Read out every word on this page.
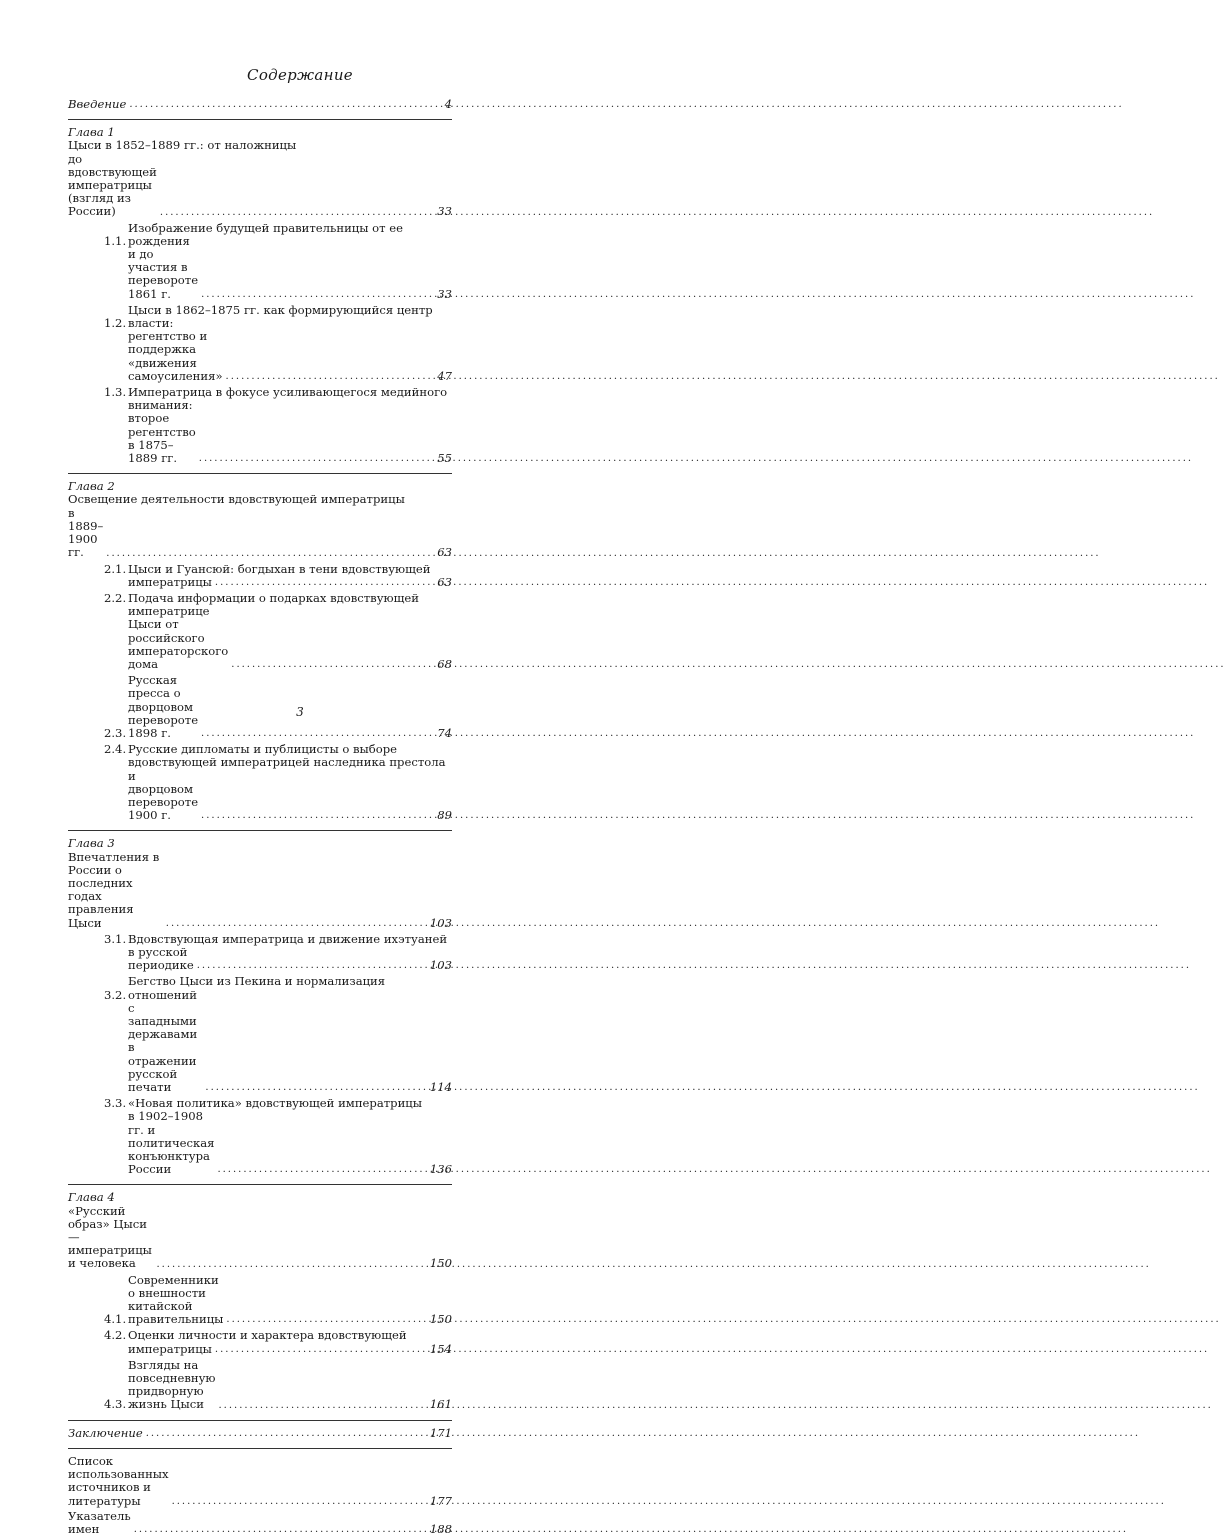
Содержание
Введение .....	4
Глава 1
Цыси в 1852–1889 гг.: от наложницы
до вдовствующей императрицы (взгляд из России) .....	33
1.1.
Изображение будущей правительницы от ее рождения
и до участия в перевороте 1861 г. .....	33
1.2.
Цыси в 1862–1875 гг. как формирующийся центр власти:
регентство и поддержка «движения самоусиления» .....	47
1.3. Императрица в фокусе усиливающегося медийного
внимания: второе регентство в 1875–1889 гг. .....	55
Глава 2
Освещение деятельности вдовствующей императрицы
в 1889–1900 гг. .....	63
2.1. Цыси и Гуансюй: богдыхан в тени вдовствующей
императрицы .....	63
2.2. Подача информации о подарках вдовствующей
императрице Цыси от российского императорского дома .....	68
2.3.
Русская пресса о дворцовом перевороте 1898 г. .....	74
2.4. Русские дипломаты и публицисты о выборе
вдовствующей императрицей наследника престола
и дворцовом перевороте 1900 г. .....	89
Глава 3
Впечатления в России о последних годах правления Цыси .....	103
3.1. Вдовствующая императрица и движение ихэтуаней
в русской периодике .....	103
3.2.
Бегство Цыси из Пекина и нормализация отношений
с западными державами в отражении русской печати .....	114
3.3. «Новая политика» вдовствующей императрицы
в 1902–1908 гг. и политическая конъюнктура России .....	136
Глава 4
«Русский образ» Цыси — императрицы и человека .....	150
4.1.
Современники о внешности китайской правительницы .....	150
4.2. Оценки личности и характера вдовствующей
императрицы .....	154
4.3.
Взгляды на повседневную придворную жизнь Цыси .....	161
Заключение .....	171
Список использованных источников и литературы .....	177
Указатель имен .....	188
3
